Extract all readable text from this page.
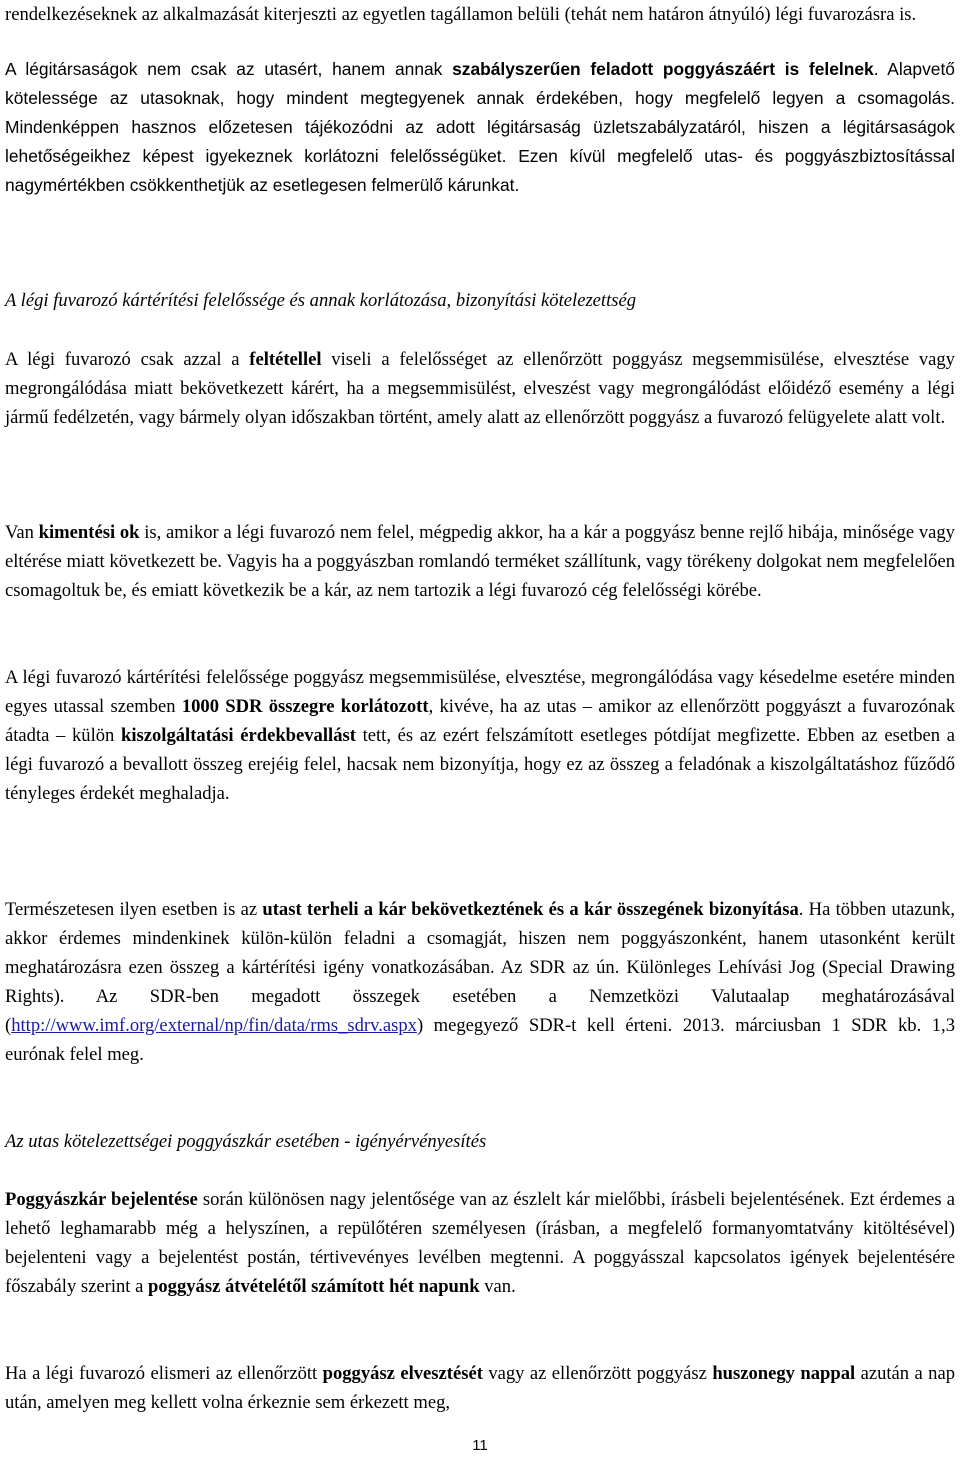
rendelkezéseknek az alkalmazását kiterjeszti az egyetlen tagállamon belüli (tehát nem határon átnyúló) légi fuvarozásra is.

A légitársaságok nem csak az utasért, hanem annak szabályszerűen feladott poggyászáért is felelnek. Alapvető kötelessége az utasoknak, hogy mindent megtegyenek annak érdekében, hogy megfelelő legyen a csomagolás. Mindenképpen hasznos előzetesen tájékozódni az adott légitársaság üzletszabályzatáról, hiszen a légitársaságok lehetőségeikhez képest igyekeznek korlátozni felelősségüket. Ezen kívül megfelelő utas- és poggyászbiztosítással nagymértékben csökkenthetjük az esetlegesen felmerülő kárunkat.

A légi fuvarozó kártérítési felelőssége és annak korlátozása, bizonyítási kötelezettség

A légi fuvarozó csak azzal a feltétellel viseli a felelősséget az ellenőrzött poggyász megsemmisülése, elvesztése vagy megrongálódása miatt bekövetkezett kárért, ha a megsemmisülést, elveszést vagy megrongálódást előidéző esemény a légi jármű fedélzetén, vagy bármely olyan időszakban történt, amely alatt az ellenőrzött poggyász a fuvarozó felügyelete alatt volt.

Van kimentési ok is, amikor a légi fuvarozó nem felel, mégpedig akkor, ha a kár a poggyász benne rejlő hibája, minősége vagy eltérése miatt következett be. Vagyis ha a poggyászban romlandó terméket szállítunk, vagy törékeny dolgokat nem megfelelően csomagoltuk be, és emiatt következik be a kár, az nem tartozik a légi fuvarozó cég felelősségi körébe.

A légi fuvarozó kártérítési felelőssége poggyász megsemmisülése, elvesztése, megrongálódása vagy késedelme esetére minden egyes utassal szemben 1000 SDR összegre korlátozott, kivéve, ha az utas – amikor az ellenőrzött poggyászt a fuvarozónak átadta – külön kiszolgáltatási érdekbevallást tett, és az ezért felszámított esetleges pótdíjat megfizette. Ebben az esetben a légi fuvarozó a bevallott összeg erejéig felel, hacsak nem bizonyítja, hogy ez az összeg a feladónak a kiszolgáltatáshoz fűződő tényleges érdekét meghaladja.

Természetesen ilyen esetben is az utast terheli a kár bekövetkeztének és a kár összegének bizonyítása. Ha többen utazunk, akkor érdemes mindenkinek külön-külön feladni a csomagját, hiszen nem poggyászonként, hanem utasonként került meghatározásra ezen összeg a kártérítési igény vonatkozásában. Az SDR az ún. Különleges Lehívási Jog (Special Drawing Rights). Az SDR-ben megadott összegek esetében a Nemzetközi Valutaalap meghatározásával (http://www.imf.org/external/np/fin/data/rms_sdrv.aspx) megegyező SDR-t kell érteni. 2013. márciusban 1 SDR kb. 1,3 eurónak felel meg.

Az utas kötelezettségei poggyászkár esetében - igényérvényesítés

Poggyászkár bejelentése során különösen nagy jelentősége van az észlelt kár mielőbbi, írásbeli bejelentésének. Ezt érdemes a lehető leghamarabb még a helyszínen, a repülőtéren személyesen (írásban, a megfelelő formanyomtatvány kitöltésével) bejelenteni vagy a bejelentést postán, tértivevényes levélben megtenni. A poggyásszal kapcsolatos igények bejelentésére főszabály szerint a poggyász átvételétől számított hét napunk van.

Ha a légi fuvarozó elismeri az ellenőrzött poggyász elvesztését vagy az ellenőrzött poggyász huszonegy nappal azután a nap után, amelyen meg kellett volna érkeznie sem érkezett meg,

11
